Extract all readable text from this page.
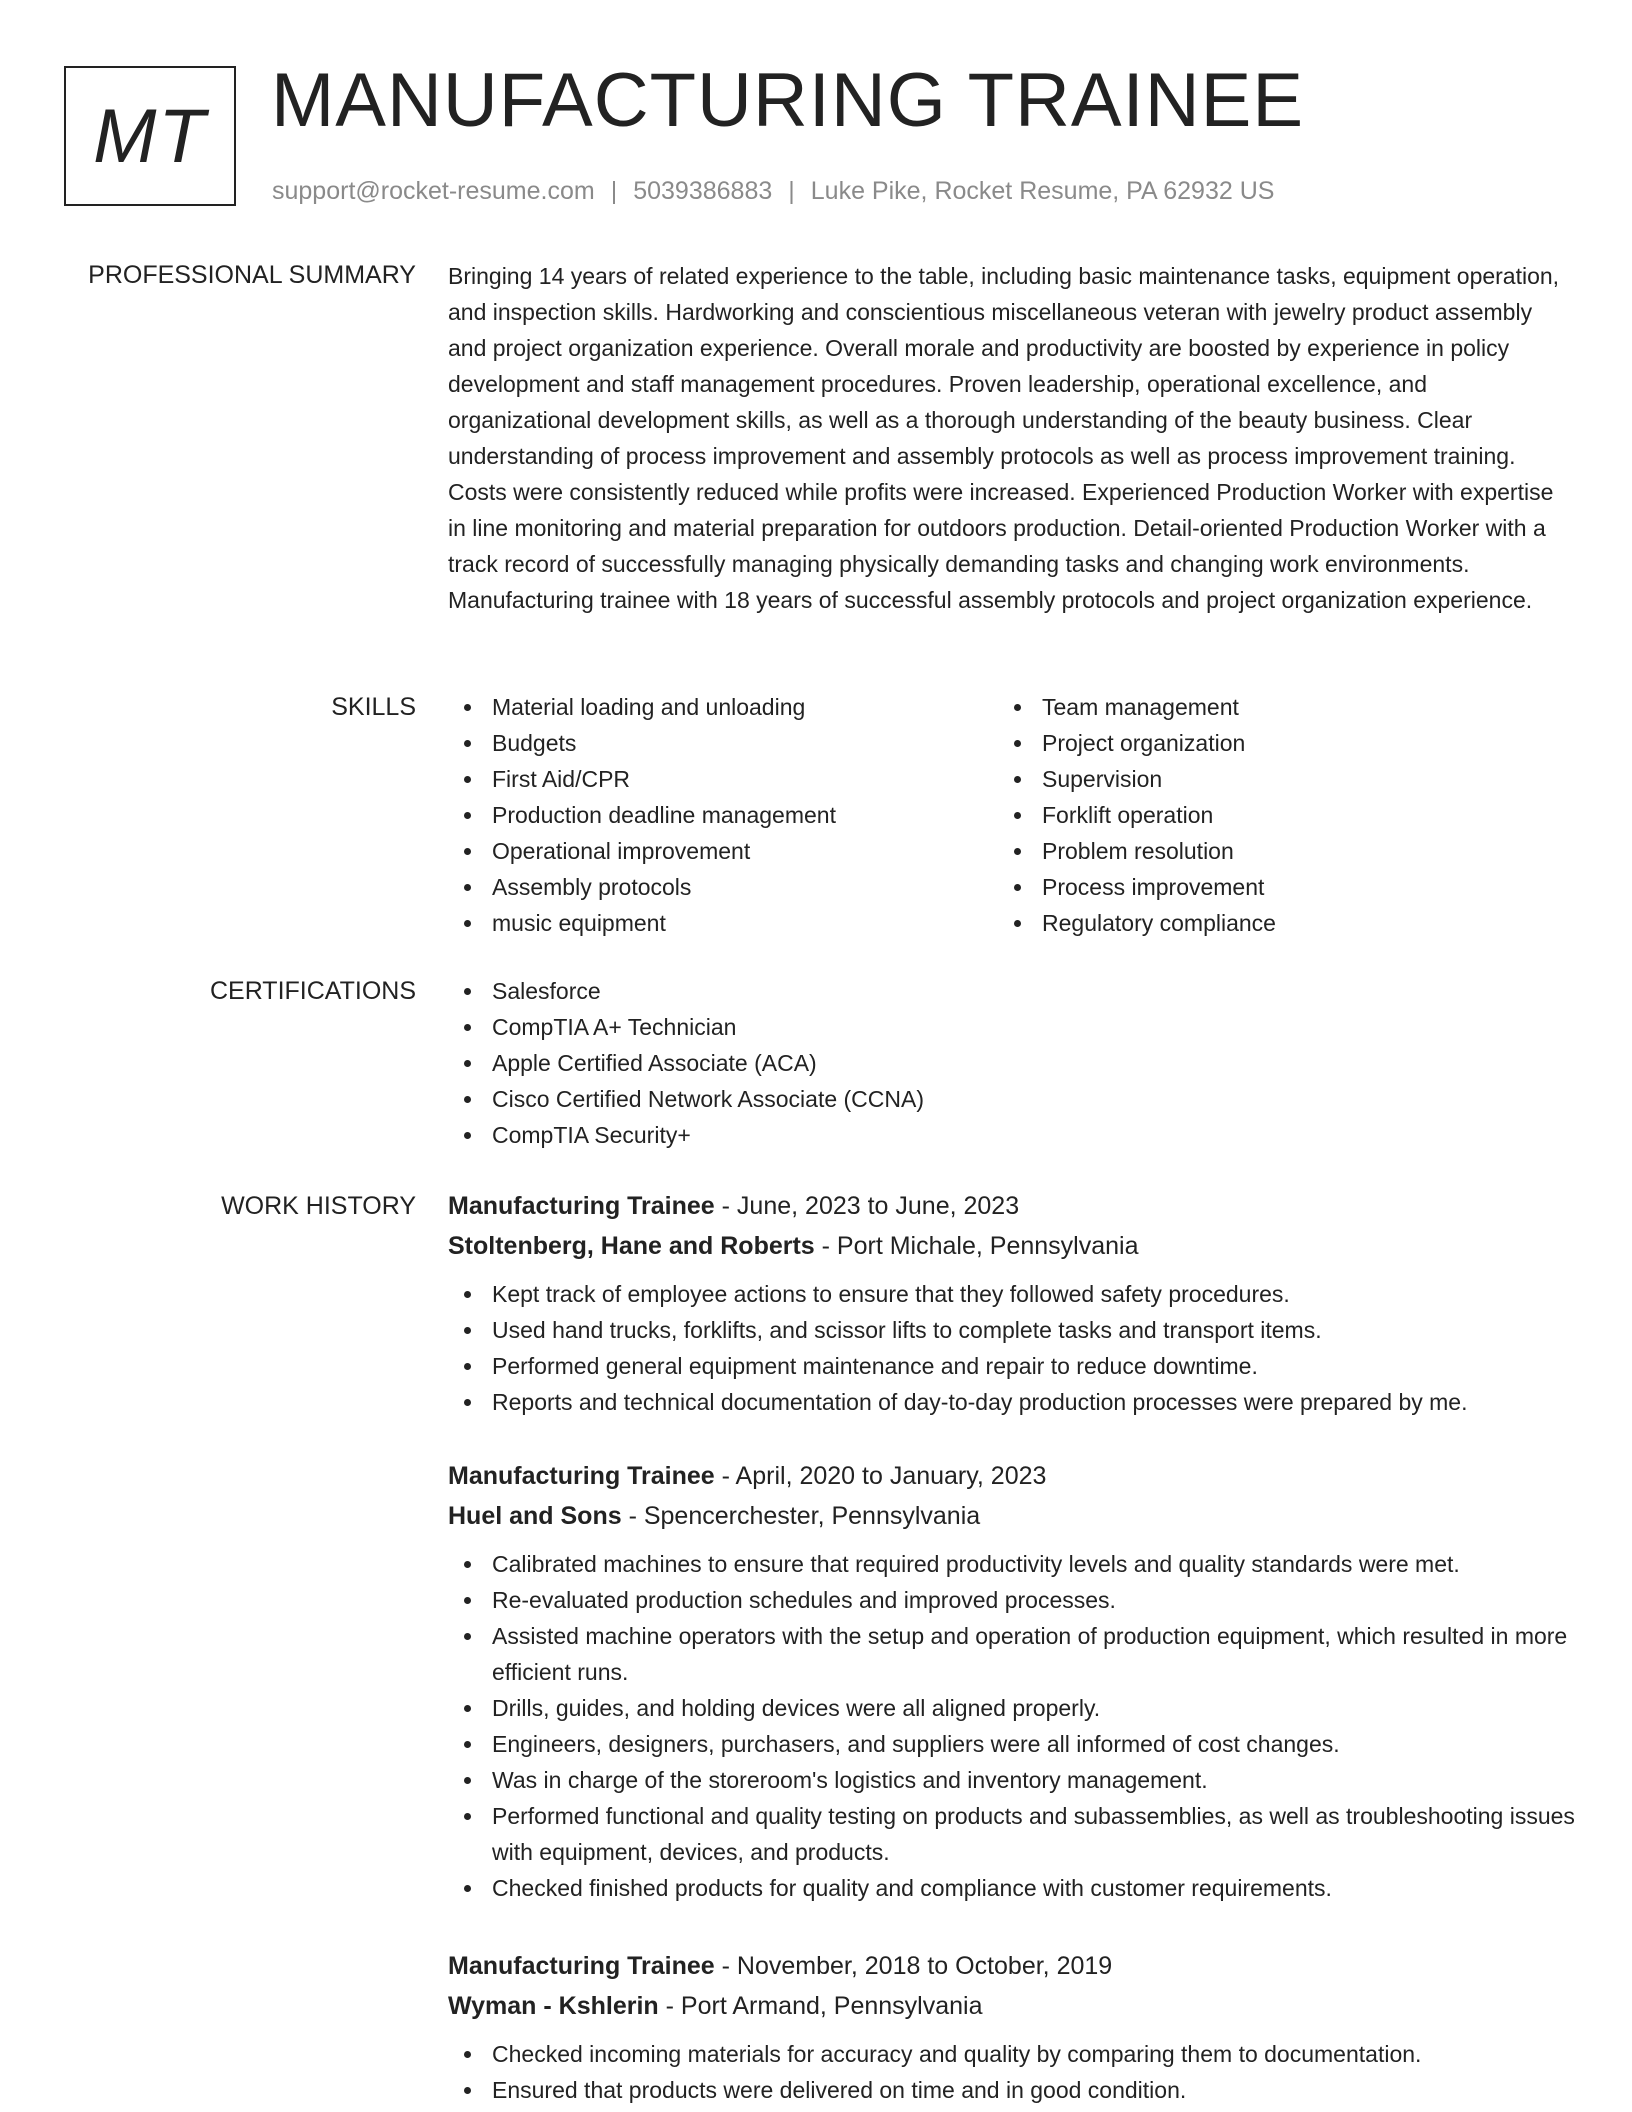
MT MANUFACTURING TRAINEE
support@rocket-resume.com | 5039386883 | Luke Pike, Rocket Resume, PA 62932 US
PROFESSIONAL SUMMARY Bringing 14 years of related experience to the table, including basic maintenance tasks, equipment operation, and inspection skills. Hardworking and conscientious miscellaneous veteran with jewelry product assembly and project organization experience. Overall morale and productivity are boosted by experience in policy development and staff management procedures. Proven leadership, operational excellence, and organizational development skills, as well as a thorough understanding of the beauty business. Clear understanding of process improvement and assembly protocols as well as process improvement training. Costs were consistently reduced while profits were increased. Experienced Production Worker with expertise in line monitoring and material preparation for outdoors production. Detail-oriented Production Worker with a track record of successfully managing physically demanding tasks and changing work environments. Manufacturing trainee with 18 years of successful assembly protocols and project organization experience.

SKILLS	Material loading and unloading
Budgets
First Aid/CPR
Production deadline management
Operational improvement
Assembly protocols
music equipment
Team management
Project organization
Supervision
Forklift operation
Problem resolution
Process improvement
Regulatory compliance
CERTIFICATIONS	Salesforce
CompTIA A+ Technician
Apple Certified Associate (ACA)
Cisco Certified Network Associate (CCNA)
CompTIA Security+
WORK HISTORY Manufacturing Trainee - June, 2023 to June, 2023
Stoltenberg, Hane and Roberts - Port Michale, Pennsylvania
Kept track of employee actions to ensure that they followed safety procedures.
Used hand trucks, forklifts, and scissor lifts to complete tasks and transport items.
Performed general equipment maintenance and repair to reduce downtime.
Reports and technical documentation of day-to-day production processes were prepared by me.
Manufacturing Trainee - April, 2020 to January, 2023
Huel and Sons - Spencerchester, Pennsylvania
Calibrated machines to ensure that required productivity levels and quality standards were met.
Re-evaluated production schedules and improved processes.
Assisted machine operators with the setup and operation of production equipment, which resulted in more efficient runs.
Drills, guides, and holding devices were all aligned properly.
Engineers, designers, purchasers, and suppliers were all informed of cost changes.
Was in charge of the storeroom's logistics and inventory management.
Performed functional and quality testing on products and subassemblies, as well as troubleshooting issues with equipment, devices, and products.
Checked finished products for quality and compliance with customer requirements.
Manufacturing Trainee - November, 2018 to October, 2019
Wyman - Kshlerin - Port Armand, Pennsylvania
Checked incoming materials for accuracy and quality by comparing them to documentation.
Ensured that products were delivered on time and in good condition.
